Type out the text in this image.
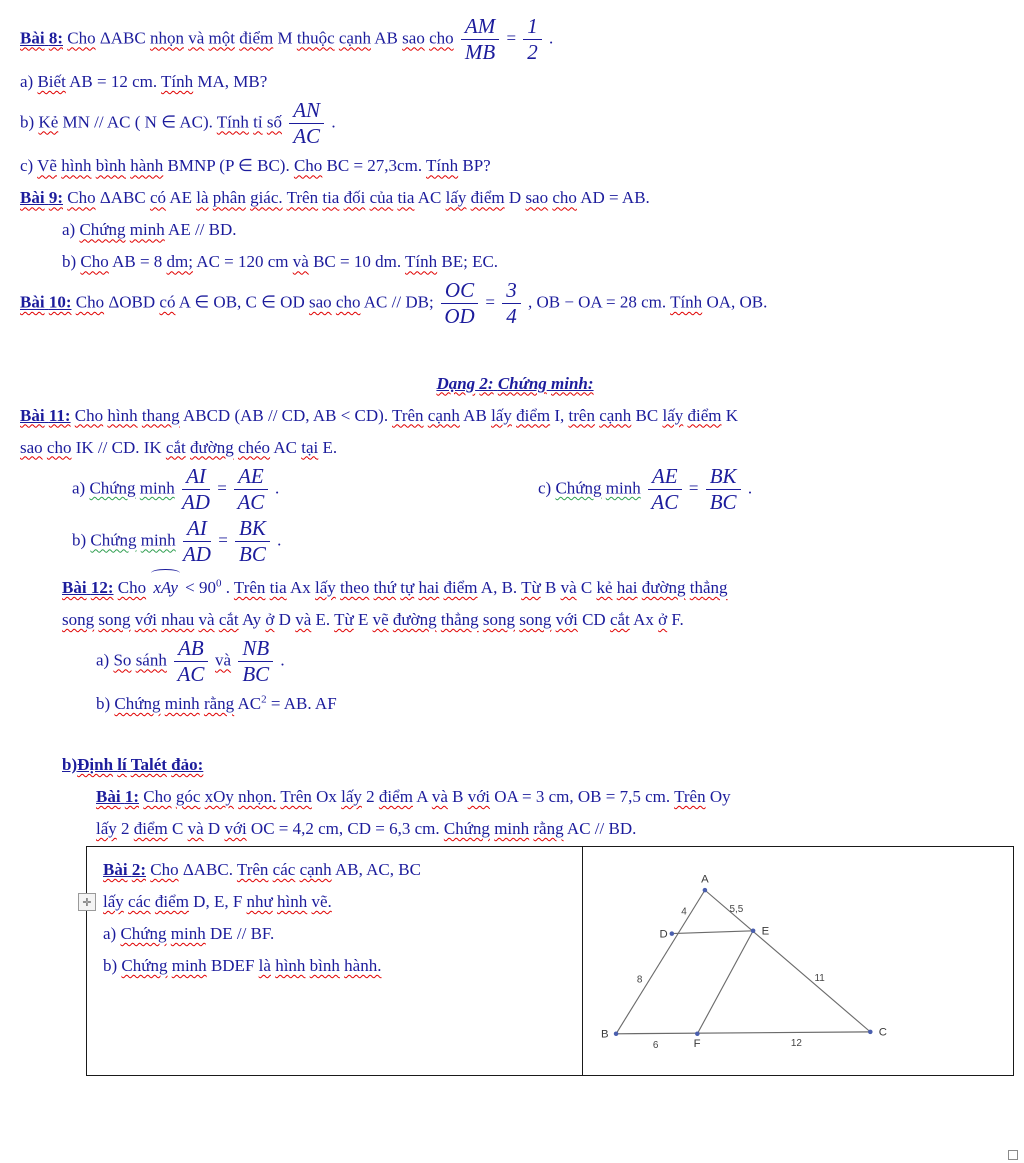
Bài 8: Cho ΔABC nhọn và một điểm M thuộc cạnh AB sao cho $\frac{AM}{MB} = \frac{1}{2}$ .
a) Biết AB = 12 cm. Tính MA, MB?
b) Kẻ MN // AC ( N ∈ AC). Tính tỉ số $\frac{AN}{AC}$ .
c) Vẽ hình bình hành BMNP (P ∈ BC). Cho BC = 27,3cm. Tính BP?
Bài 9: Cho ΔABC có AE là phân giác. Trên tia đối của tia AC lấy điểm D sao cho AD = AB.
a) Chứng minh AE // BD.
b) Cho AB = 8 dm; AC = 120 cm và BC = 10 dm. Tính BE; EC.
Bài 10: Cho ΔOBD có A ∈ OB, C ∈ OD sao cho AC // DB; $\frac{OC}{OD} = \frac{3}{4}$ , OB − OA = 28 cm. Tính OA, OB.
Dạng 2: Chứng minh:
Bài 11: Cho hình thang ABCD (AB // CD, AB < CD). Trên cạnh AB lấy điểm I, trên cạnh BC lấy điểm K
sao cho IK // CD. IK cắt đường chéo AC tại E.
a) Chứng minh $\frac{AI}{AD} = \frac{AE}{AC}$ .	c) Chứng minh $\frac{AE}{AC} = \frac{BK}{BC}$ .
b) Chứng minh $\frac{AI}{AD} = \frac{BK}{BC}$ .
Bài 12: Cho xAy < $90^0$ . Trên tia Ax lấy theo thứ tự hai điểm A, B. Từ B và C kẻ hai đường thẳng
song song với nhau và cắt Ay ở D và E. Từ E vẽ đường thẳng song song với CD cắt Ax ở F.
a) So sánh $\frac{AB}{AC}$ và $\frac{NB}{BC}$ .
b) Chứng minh rằng $AC^2$ = AB. AF
b)Định lí Talét đảo:
Bài 1: Cho góc xOy nhọn. Trên Ox lấy 2 điểm A và B với OA = 3 cm, OB = 7,5 cm. Trên Oy
lấy 2 điểm C và D với OC = 4,2 cm, CD = 6,3 cm. Chứng minh rằng AC // BD.
Bài 2: Cho ΔABC. Trên các cạnh AB, AC, BC
lấy các điểm D, E, F như hình vẽ.
a) Chứng minh DE // BF.
b) Chứng minh BDEF là hình bình hành.
A
D	E
B
F
C
4	5,5
8	11
6	12
✛
